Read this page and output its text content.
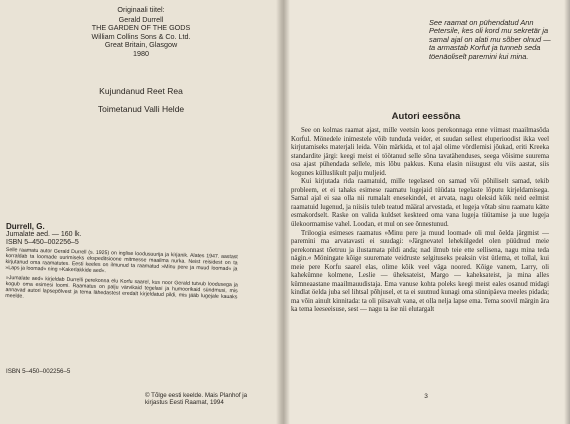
Originaali tiitel:
Gerald Durrell
THE GARDEN OF THE GODS
William Collins Sons & Co. Ltd.
Great Britain, Glasgow
1980
Kujundanud Reet Rea
Toimetanud Valli Helde
Durrell, G.
Jumalate aed. — 160 lk.
ISBN 5–450–002256–5
Selle raamatu autor Gerald Durrell (s. 1925) on inglise loodusuurija ja kirjanik. Alates 1947. aastast korraldab ta loomade uurimiseks ekspeditsioone mitmesse maailma nurka. Neist reisidest on ta kirjutanud oma raamatutes. Eesti keeles on ilmunud ta raamatud »Minu pere ja muud loomad« ja »Laps ja loomad« ning »Kakerlakkide aed«.
»Jumalate aed« kirjeldab Durrelli perekonna elu Korfu saarel, kus noor Gerald tutvub loodusega ja kogub oma esimesi loomi. Raamatus on palju värvikaid tegelasi ja humoorikaid sündmusi, mis annavad autori lapsepõlvest ja tema lähedastest eredalt kirjeldatud pildi, mis jääb lugejale kauaks meelde.
ISBN 5–450–002256–5
© Tõlge eesti keelde. Mais Planhof ja
kirjastus Eesti Raamat, 1994
See raamat on pühendatud Ann Petersile, kes oli kord mu sekretär ja samal ajal on alati mu sõber olnud — ta armastab Korfut ja tunneb seda töenäoliselt paremini kui mina.
Autori eessõna

See on kolmas raamat ajast, mille veetsin koos perekonnaga enne viimast maailmasõda Korful. Mönedele inimestele võib tunduda veider, et suudan sellest eluperioodist ikka veel kirjutamiseks materjali leida. Vöin märkida, et tol ajal olime vördlemisi jõukad, eriti Kreeka standardite järgi: keegi meist ei töötanud selle sõna tavatähenduses, seega võisime suurema osa ajast pühendada sellele, mis lõbu pakkus. Kuna elasin niisugust elu viis aastat, siis kogunes külluslikult palju muljeid.

Kui kirjutada rida raamatuid, mille tegelased on samad või põhiliselt samad, tekib probleem, et ei tahaks esimese raamatu lugejaid tüüdata tegelaste lõputu kirjeldamisega. Samal ajal ei saa olla nii rumalalt enesekindel, et arvata, nagu oleksid kõik neid eelmist raamatuid lugenud, ja niisiis tuleb teatud määral arvestada, et lugeja võtab sinu raamatu kätte esmakordselt. Raske on valida kuldset keskteed oma vana lugeja tüütamise ja uue lugeja ülekoormamise vahel. Loodan, et mul on see õnnestunud.

Triloogia esimeses raamatus »Minu pere ja muud loomad« oli mul õelda järgmist — paremini ma arvatavasti ei suudagi: »Järgnevatel lehekülgedel olen püüdnud meie perekonnast tõetruu ja ilustamata pildi anda; nad ilmub teie ette sellisena, nagu mina teda nägin.« Möningate kõige suuremate veidruste selgituseks peaksin vist ütlema, et tollal, kui meie pere Korfu saarel elas, olime kõik veel väga noored. Kõige vanem, Larry, oli kahekümne kolmene, Leslie — üheksateist, Margo — kaheksateist, ja mina alles kümneaastane maailmauudistaja. Ema vanuse kohta poleks keegi meist eales osanud midagi kindlat öelda juba sel lihtsal põhjusel, et ta ei suutnud kunagi oma sünnipäeva meeles pidada; ma võin ainult kinnitada: ta oli piisavalt vana, et olla nelja lapse ema. Tema soovil märgin ära ka tema leeseeisuse, sest — nagu ta ise nii elutargalt

3
